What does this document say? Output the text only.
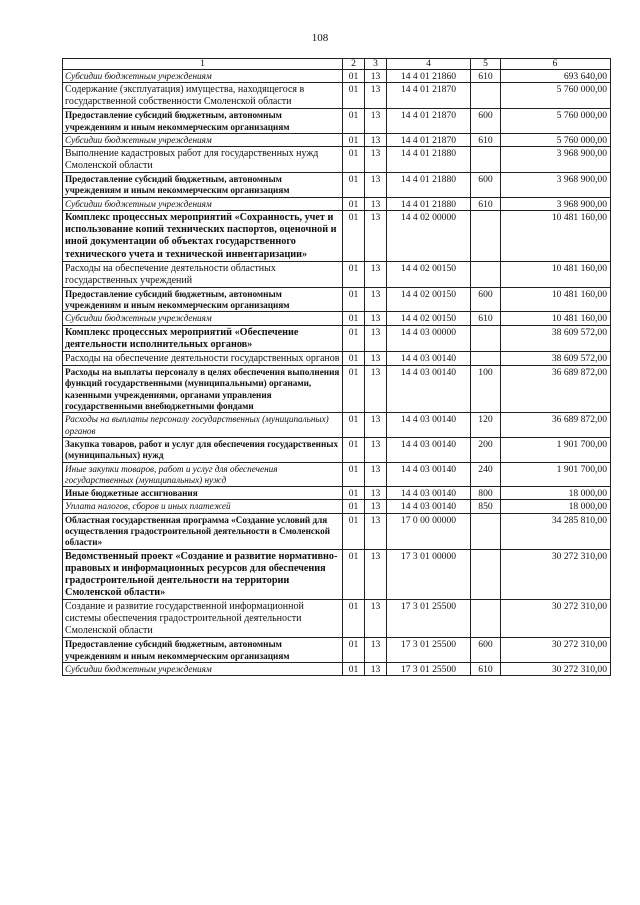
108
1	2	3	4	5	6
Субсидии бюджетным учреждениям	01	13	14 4 01 21860	610	693 640,00
Содержание (эксплуатация) имущества, находящегося в государственной собственности Смоленской области	01	13	14 4 01 21870		5 760 000,00
Предоставление субсидий бюджетным, автономным учреждениям и иным некоммерческим организациям	01	13	14 4 01 21870	600	5 760 000,00
Субсидии бюджетным учреждениям	01	13	14 4 01 21870	610	5 760 000,00
Выполнение кадастровых работ для государственных нужд Смоленской области	01	13	14 4 01 21880		3 968 900,00
Предоставление субсидий бюджетным, автономным учреждениям и иным некоммерческим организациям	01	13	14 4 01 21880	600	3 968 900,00
Субсидии бюджетным учреждениям	01	13	14 4 01 21880	610	3 968 900,00
Комплекс процессных мероприятий «Сохранность, учет и использование копий технических паспортов, оценочной и иной документации об объектах государственного технического учета и технической инвентаризации»	01	13	14 4 02 00000		10 481 160,00
Расходы на обеспечение деятельности областных государственных учреждений	01	13	14 4 02 00150		10 481 160,00
Предоставление субсидий бюджетным, автономным учреждениям и иным некоммерческим организациям	01	13	14 4 02 00150	600	10 481 160,00
Субсидии бюджетным учреждениям	01	13	14 4 02 00150	610	10 481 160,00
Комплекс процессных мероприятий «Обеспечение деятельности исполнительных органов»	01	13	14 4 03 00000		38 609 572,00
Расходы на обеспечение деятельности государственных органов	01	13	14 4 03 00140		38 609 572,00
Расходы на выплаты персоналу в целях обеспечения выполнения функций государственными (муниципальными) органами, казенными учреждениями, органами управления государственными внебюджетными фондами	01	13	14 4 03 00140	100	36 689 872,00
Расходы на выплаты персоналу государственных (муниципальных) органов	01	13	14 4 03 00140	120	36 689 872,00
Закупка товаров, работ и услуг для обеспечения государственных (муниципальных) нужд	01	13	14 4 03 00140	200	1 901 700,00
Иные закупки товаров, работ и услуг для обеспечения государственных (муниципальных) нужд	01	13	14 4 03 00140	240	1 901 700,00
Иные бюджетные ассигнования	01	13	14 4 03 00140	800	18 000,00
Уплата налогов, сборов и иных платежей	01	13	14 4 03 00140	850	18 000,00
Областная государственная программа «Создание условий для осуществления градостроительной деятельности в Смоленской области»	01	13	17 0 00 00000		34 285 810,00
Ведомственный проект «Создание и развитие нормативно-правовых и информационных ресурсов для обеспечения градостроительной деятельности на территории Смоленской области»	01	13	17 3 01 00000		30 272 310,00
Создание и развитие государственной информационной системы обеспечения градостроительной деятельности Смоленской области	01	13	17 3 01 25500		30 272 310,00
Предоставление субсидий бюджетным, автономным учреждениям и иным некоммерческим организациям	01	13	17 3 01 25500	600	30 272 310,00
Субсидии бюджетным учреждениям	01	13	17 3 01 25500	610	30 272 310,00
